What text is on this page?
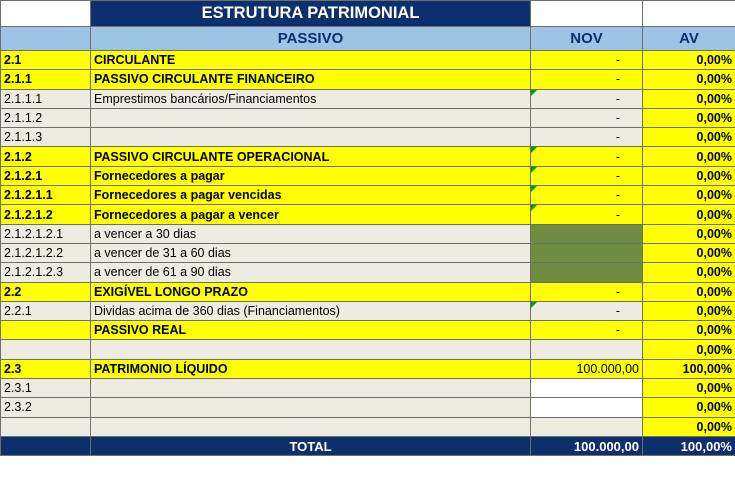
	ESTRUTURA PATRIMONIAL		
	PASSIVO	NOV	AV
2.1	CIRCULANTE	-	0,00%
2.1.1	PASSIVO CIRCULANTE FINANCEIRO	-	0,00%
2.1.1.1	Emprestimos bancários/Financiamentos	-	0,00%
2.1.1.2		-	0,00%
2.1.1.3		-	0,00%
2.1.2	PASSIVO CIRCULANTE OPERACIONAL	-	0,00%
2.1.2.1	Fornecedores a pagar	-	0,00%
2.1.2.1.1	Fornecedores a pagar vencidas	-	0,00%
2.1.2.1.2	Fornecedores a pagar a vencer	-	0,00%
2.1.2.1.2.1	a vencer a 30 dias		0,00%
2.1.2.1.2.2	a vencer de 31 a 60 dias		0,00%
2.1.2.1.2.3	a vencer de 61 a 90 dias		0,00%
2.2	EXIGÍVEL LONGO PRAZO	-	0,00%
2.2.1	Dividas acima de 360 dias (Financiamentos)	-	0,00%
	PASSIVO REAL	-	0,00%
			0,00%
2.3	PATRIMONIO LÍQUIDO	100.000,00	100,00%
2.3.1			0,00%
2.3.2			0,00%
			0,00%
	TOTAL	100.000,00	100,00%
